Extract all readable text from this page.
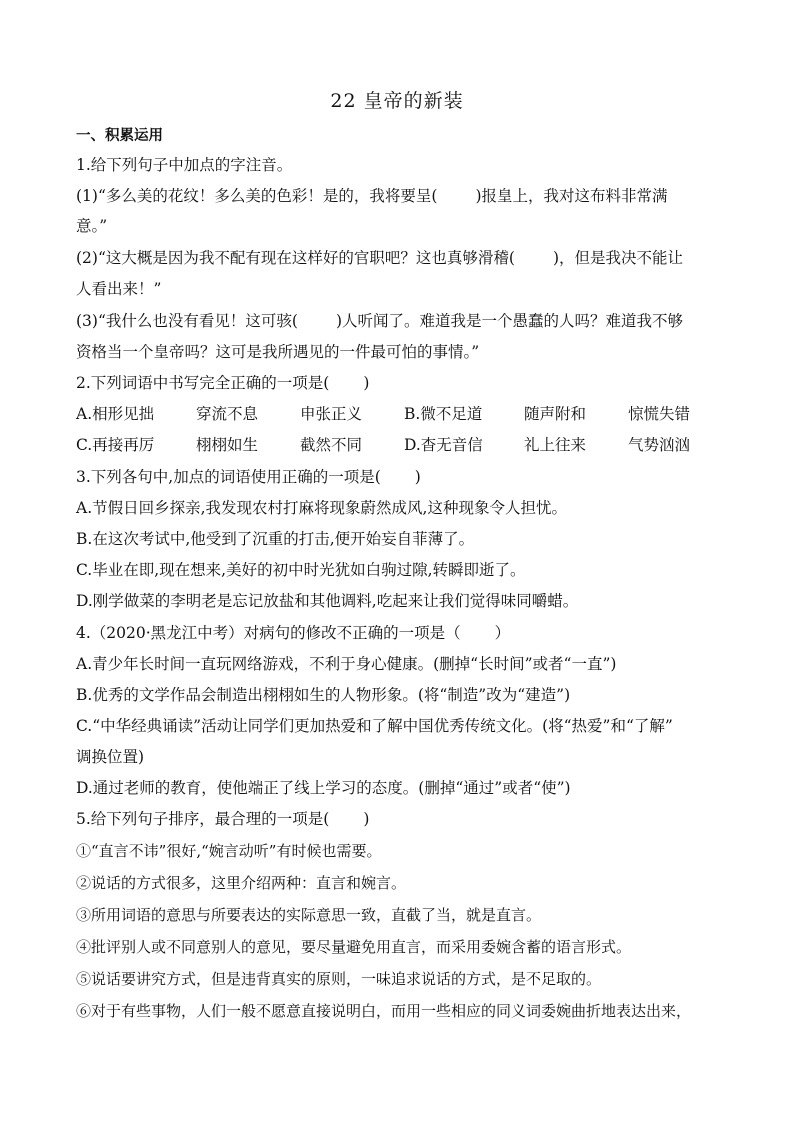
22 皇帝的新装
一、积累运用
1.给下列句子中加点的字注音。
(1)“多么美的花纹！多么美的色彩！是的，我将要呈( )报皇上，我对这布料非常满
意。”
(2)“这大概是因为我不配有现在这样好的官职吧？这也真够滑稽( )，但是我决不能让
人看出来！”
(3)“我什么也没有看见！这可骇( )人听闻了。难道我是一个愚蠢的人吗？难道我不够
资格当一个皇帝吗？这可是我所遇见的一件最可怕的事情。”
2.下列词语中书写完全正确的一项是( )
A.相形见拙	穿流不息	申张正义	B.微不足道	随声附和	惊慌失错
C.再接再厉	栩栩如生	截然不同	D.杳无音信	礼上往来	气势汹汹
3.下列各句中,加点的词语使用正确的一项是( )
A.节假日回乡探亲,我发现农村打麻将现象蔚然成风,这种现象令人担忧。
B.在这次考试中,他受到了沉重的打击,便开始妄自菲薄了。
C.毕业在即,现在想来,美好的初中时光犹如白驹过隙,转瞬即逝了。
D.刚学做菜的李明老是忘记放盐和其他调料,吃起来让我们觉得味同嚼蜡。
4.（2020·黑龙江中考）对病句的修改不正确的一项是（ ）
A.青少年长时间一直玩网络游戏，不利于身心健康。(删掉“长时间”或者“一直”)
B.优秀的文学作品会制造出栩栩如生的人物形象。(将“制造”改为“建造”)
C.“中华经典诵读”活动让同学们更加热爱和了解中国优秀传统文化。(将“热爱”和“了解”
调换位置)
D.通过老师的教育，使他端正了线上学习的态度。(删掉“通过”或者“使”)
5.给下列句子排序，最合理的一项是( )
①“直言不讳”很好,“婉言动听”有时候也需要。
②说话的方式很多，这里介绍两种：直言和婉言。
③所用词语的意思与所要表达的实际意思一致，直截了当，就是直言。
④批评别人或不同意别人的意见，要尽量避免用直言，而采用委婉含蓄的语言形式。
⑤说话要讲究方式，但是违背真实的原则，一味追求说话的方式，是不足取的。
⑥对于有些事物，人们一般不愿意直接说明白，而用一些相应的同义词委婉曲折地表达出来，
